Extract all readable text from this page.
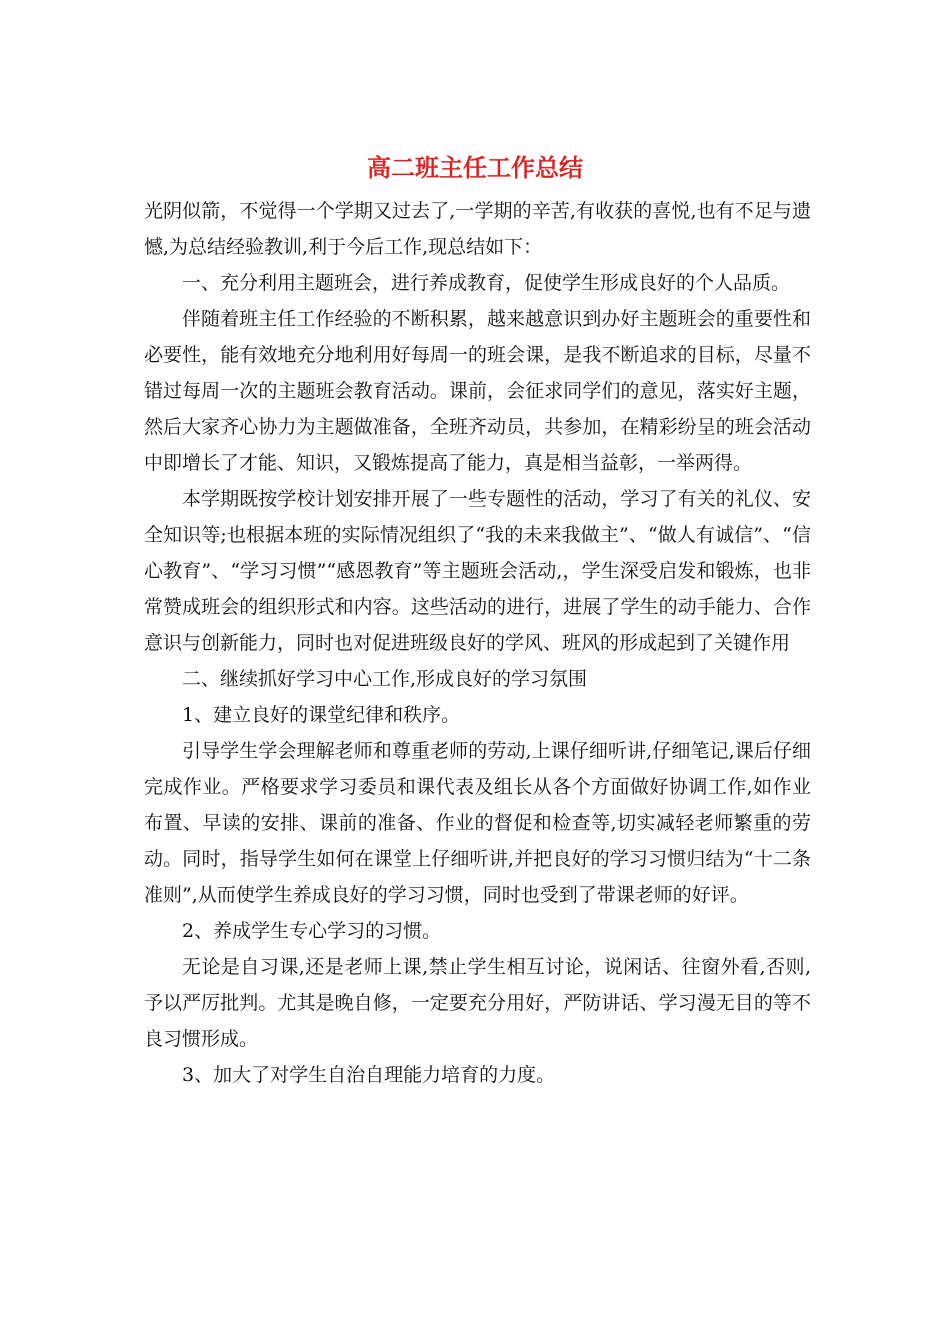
高二班主任工作总结

光阴似箭，不觉得一个学期又过去了,一学期的辛苦,有收获的喜悦,也有不足与遗憾,为总结经验教训,利于今后工作,现总结如下：

一、充分利用主题班会，进行养成教育，促使学生形成良好的个人品质。

伴随着班主任工作经验的不断积累，越来越意识到办好主题班会的重要性和必要性，能有效地充分地利用好每周一的班会课，是我不断追求的目标，尽量不错过每周一次的主题班会教育活动。课前，会征求同学们的意见，落实好主题，然后大家齐心协力为主题做准备，全班齐动员，共参加，在精彩纷呈的班会活动中即增长了才能、知识，又锻炼提高了能力，真是相当益彰，一举两得。

本学期既按学校计划安排开展了一些专题性的活动，学习了有关的礼仪、安全知识等;也根据本班的实际情况组织了“我的未来我做主”、“做人有诚信”、“信心教育”、“学习习惯”“感恩教育”等主题班会活动,，学生深受启发和锻炼，也非常赞成班会的组织形式和内容。这些活动的进行，进展了学生的动手能力、合作意识与创新能力，同时也对促进班级良好的学风、班风的形成起到了关键作用

二、继续抓好学习中心工作,形成良好的学习氛围

1、建立良好的课堂纪律和秩序。

引导学生学会理解老师和尊重老师的劳动,上课仔细听讲,仔细笔记,课后仔细完成作业。严格要求学习委员和课代表及组长从各个方面做好协调工作,如作业布置、早读的安排、课前的准备、作业的督促和检查等,切实减轻老师繁重的劳动。同时，指导学生如何在课堂上仔细听讲,并把良好的学习习惯归结为“十二条准则”,从而使学生养成良好的学习习惯，同时也受到了带课老师的好评。

2、养成学生专心学习的习惯。

无论是自习课,还是老师上课,禁止学生相互讨论，说闲话、往窗外看,否则,予以严厉批判。尤其是晚自修，一定要充分用好，严防讲话、学习漫无目的等不良习惯形成。

3、加大了对学生自治自理能力培育的力度。
